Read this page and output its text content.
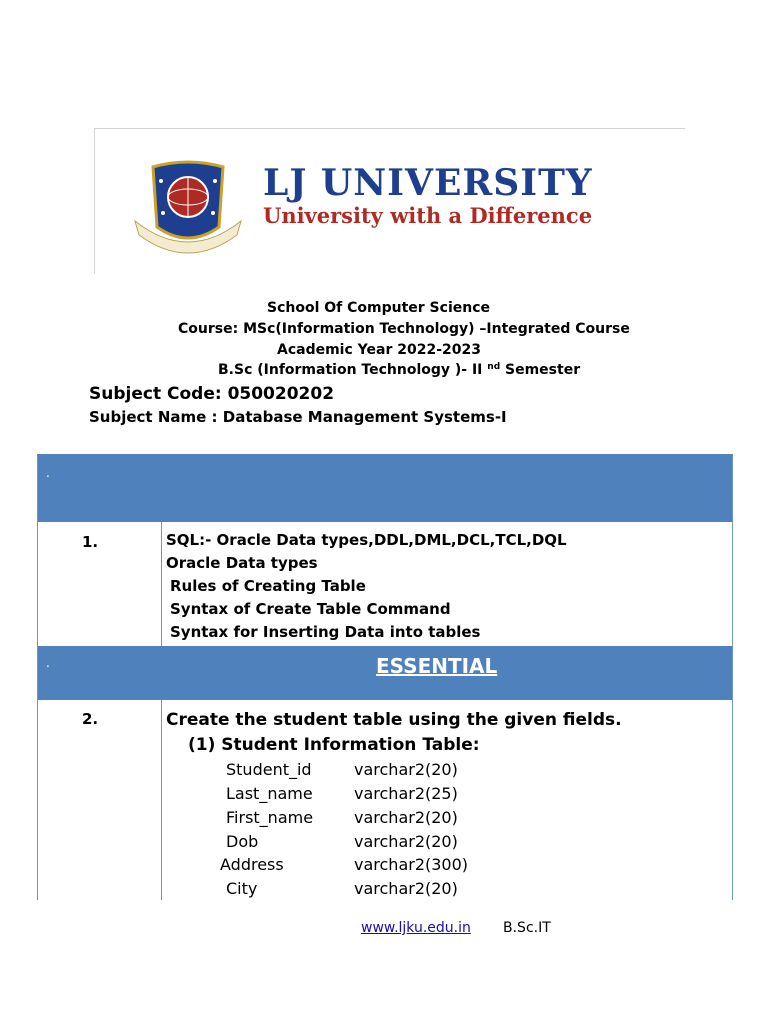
LJ UNIVERSITY
University with a Difference
School Of Computer Science
Course: MSc(Information Technology) –Integrated Course
Academic Year 2022-2023
B.Sc (Information Technology )- II $^{nd}$ Semester
Subject Code: 050020202
Subject Name : Database Management Systems-I
.
1.	SQL:- Oracle Data types,DDL,DML,DCL,TCL,DQL
Oracle Data types
Rules of Creating Table
Syntax of Create Table Command
Syntax for Inserting Data into tables
.	ESSENTIAL
2.	Create the student table using the given fields.
(1) Student Information Table:
Student_id	varchar2(20)
Last_name	varchar2(25)
First_name	varchar2(20)
Dob	varchar2(20)
Address	varchar2(300)
City	varchar2(20)
www.ljku.edu.in B.Sc.IT
